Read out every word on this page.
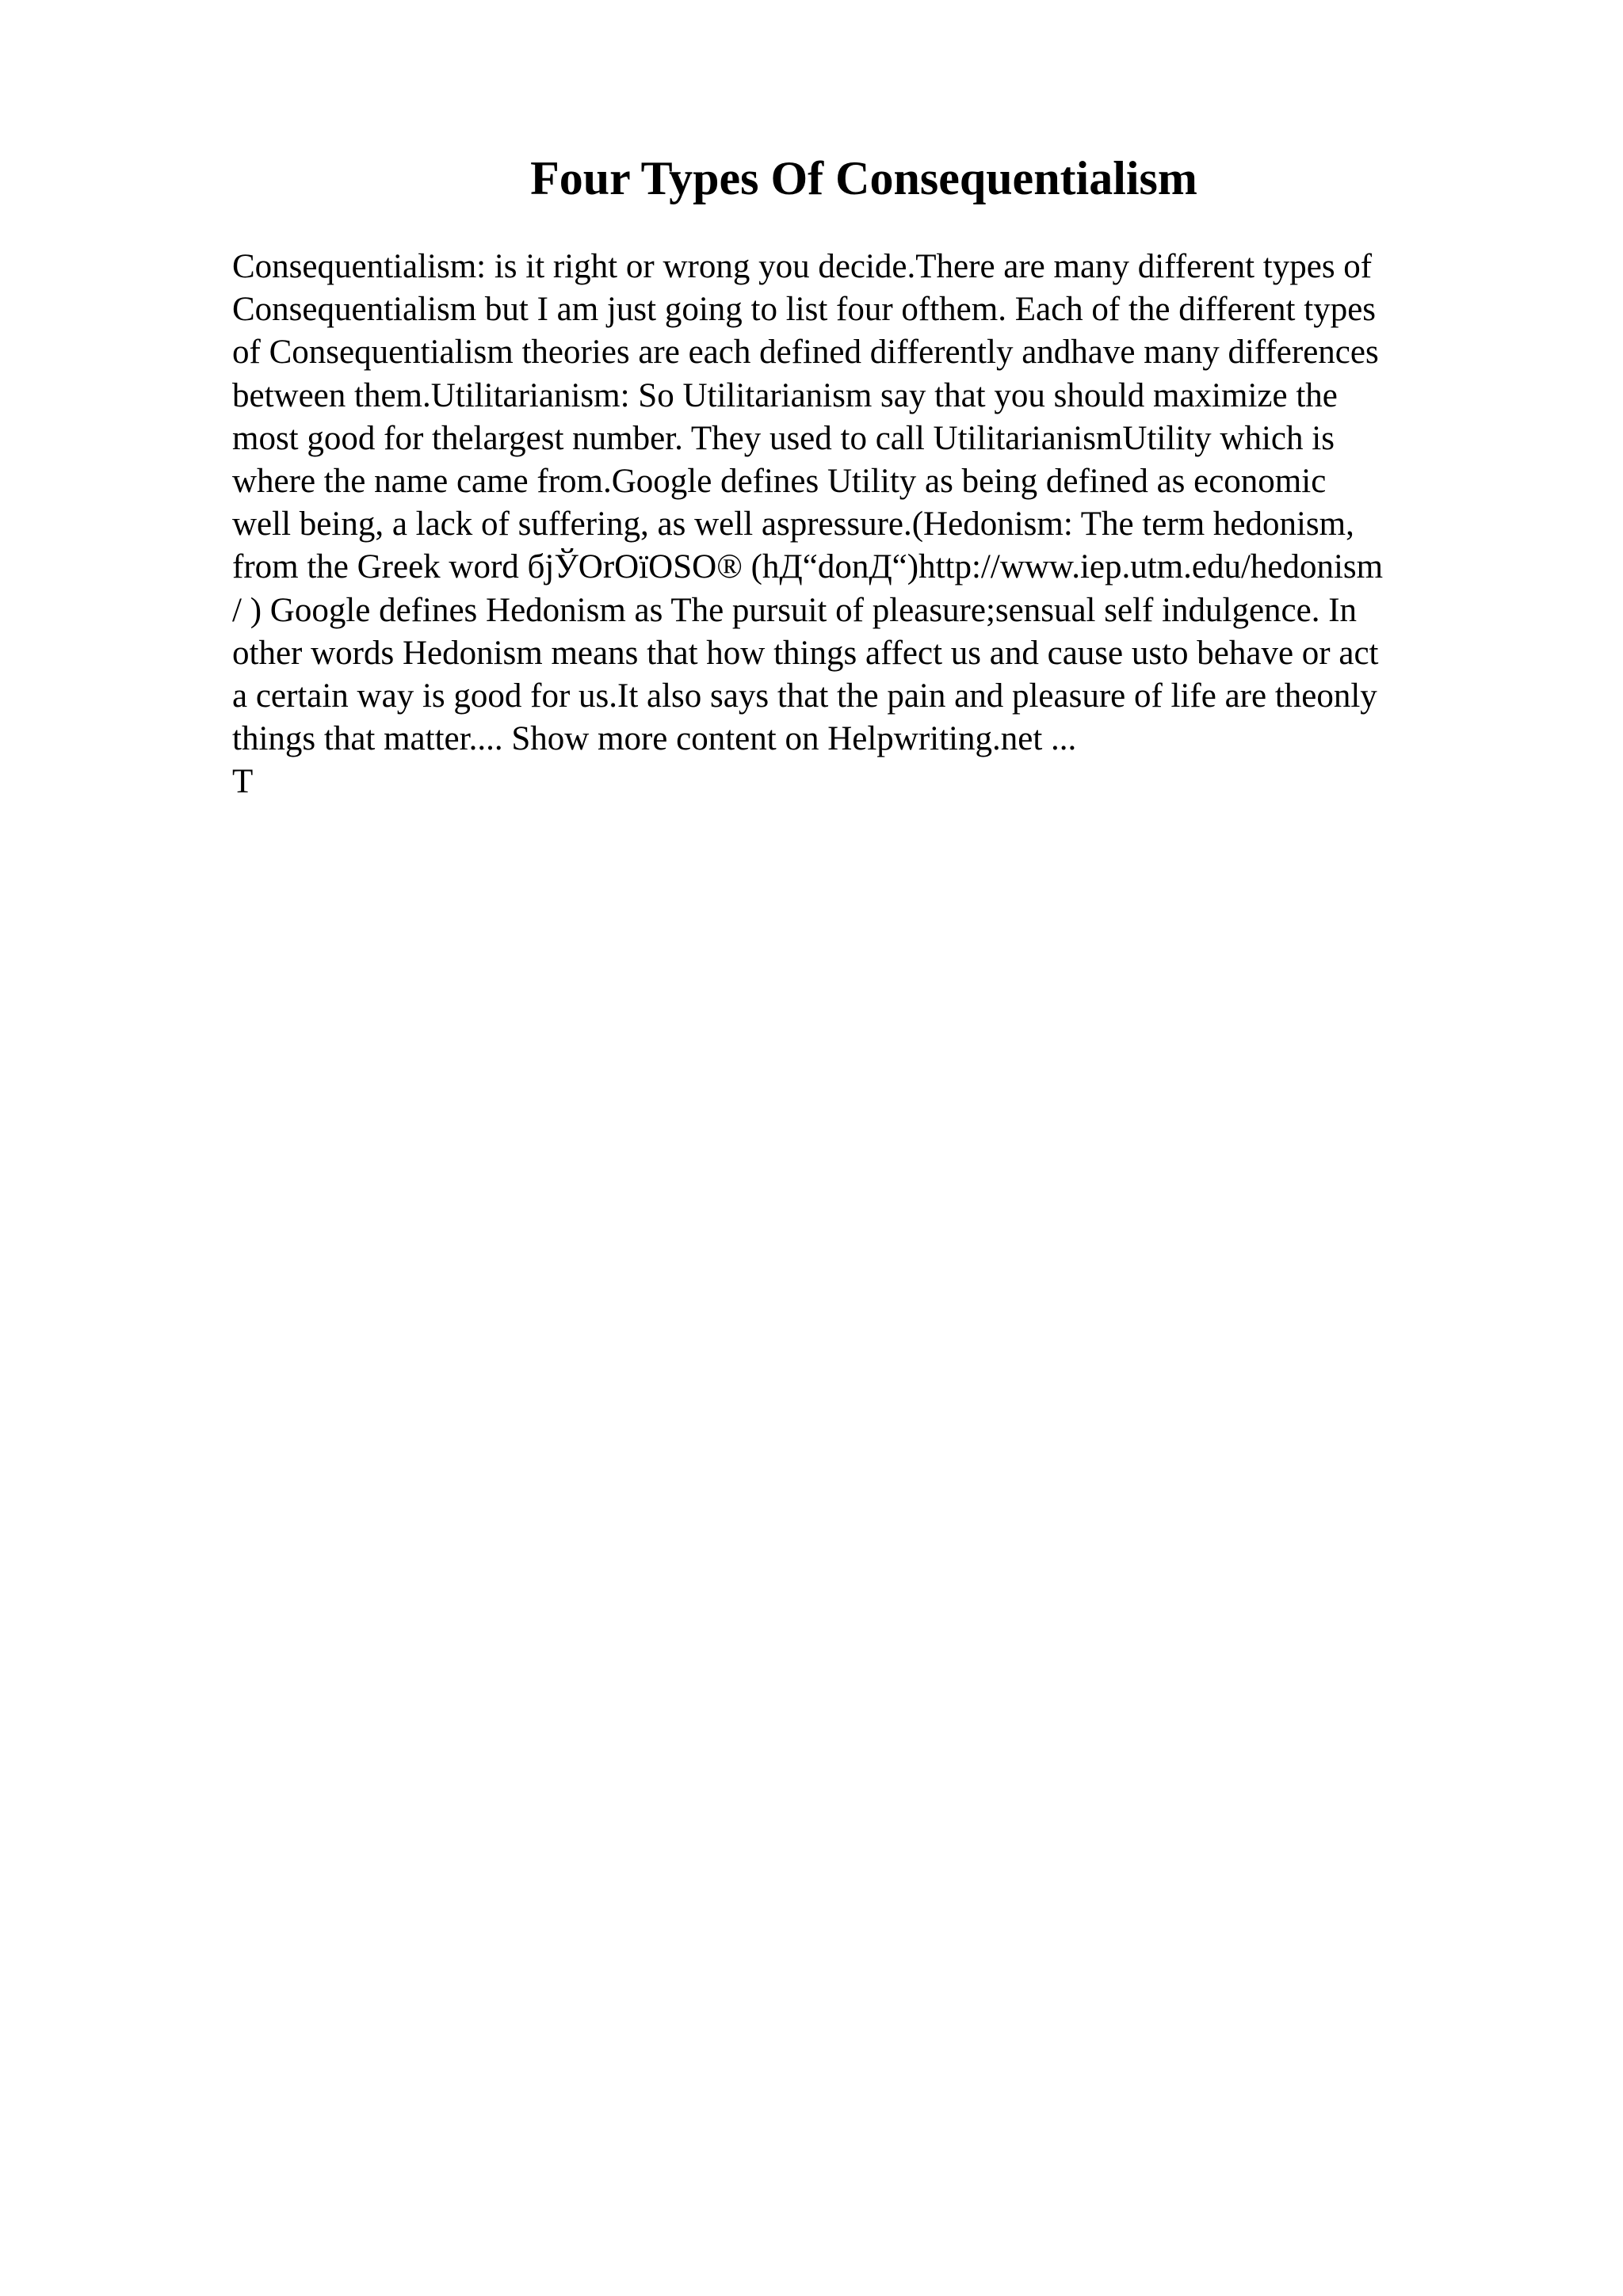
Four Types Of Consequentialism
Consequentialism: is it right or wrong you decide.There are many different types of
Consequentialism but I am just going to list four ofthem. Each of the different types
of Consequentialism theories are each defined differently andhave many differences
between them.Utilitarianism: So Utilitarianism say that you should maximize the
most good for thelargest number. They used to call UtilitarianismUtility which is
where the name came from.Google defines Utility as being defined as economic
well being, a lack of suffering, as well aspressure.(Hedonism: The term hedonism,
from the Greek word бјЎOrOїOSO® (hД“donД“)http://www.iep.utm.edu/hedonism
/ ) Google defines Hedonism as The pursuit of pleasure;sensual self indulgence. In
other words Hedonism means that how things affect us and cause usto behave or act
a certain way is good for us.It also says that the pain and pleasure of life are theonly
things that matter.... Show more content on Helpwriting.net ...
T
